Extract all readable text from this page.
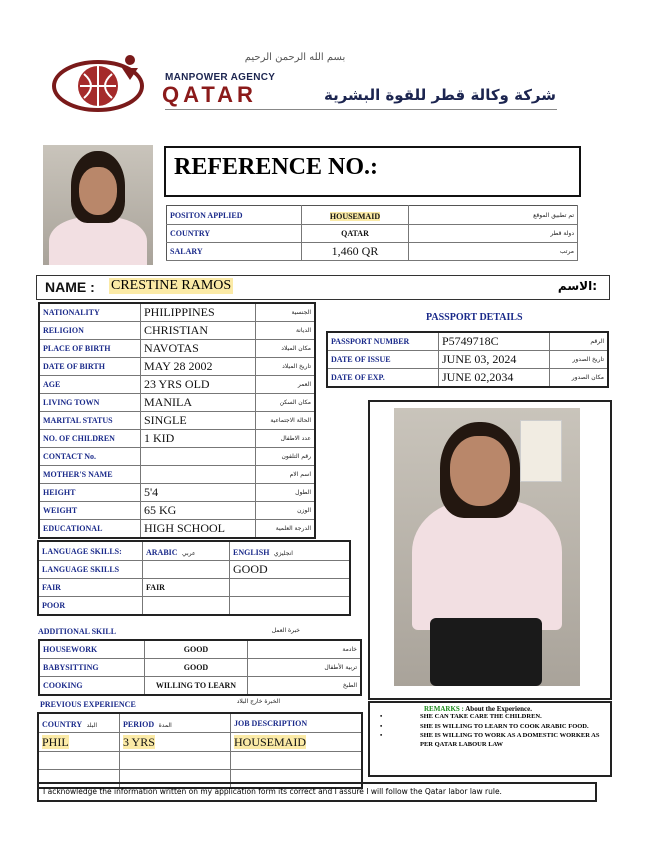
بسم الله الرحمن الرحيم
MANPOWER AGENCY
QATAR	شركة وكالة قطر للقوة البشرية
REFERENCE NO.:
POSITON APPLIED	HOUSEMAID	تم تطبيق الموقع
COUNTRY	QATAR	دولة قطر
SALARY	1,460 QR	مرتب
NAME : CRESTINE RAMOS	الاسم:
NATIONALITY	PHILIPPINES	الجنسية
RELIGION	CHRISTIAN	الديانة
PLACE OF BIRTH	NAVOTAS	مكان الميلاد
DATE OF BIRTH	MAY 28 2002	تاريخ الميلاد
AGE	23 YRS OLD	العمر
LIVING TOWN	MANILA	مكان السكن
MARITAL STATUS	SINGLE	الحالة الاجتماعية
NO. OF CHILDREN	1 KID	عدد الاطفال
CONTACT No.		رقم التلفون
MOTHER'S NAME		اسم الام
HEIGHT	5'4	الطول
WEIGHT	65 KG	الوزن
EDUCATIONAL	HIGH SCHOOL	الدرجة العلمية
PASSPORT DETAILS
PASSPORT NUMBER	P5749718C	الرقم
DATE OF ISSUE	JUNE 03, 2024	تاريخ الصدور
DATE OF EXP.	JUNE 02,2034	مكان الصدور
LANGUAGE SKILLS:	ARABIC عربي	ENGLISH انجليزي
LANGUAGE SKILLS		GOOD
FAIR	FAIR	
POOR		
ADDITIONAL SKILL	خبرة العمل
HOUSEWORK	GOOD	خادمة
BABYSITTING	GOOD	تربية الأطفال
COOKING	WILLING TO LEARN	الطبخ
PREVIOUS EXPERIENCE	الخبرة خارج البلاد
COUNTRY البلد	PERIOD المدة	JOB DESCRIPTION
PHIL	3 YRS	HOUSEMAID

REMARKS : About the Experience.
•	SHE CAN TAKE CARE THE CHILDREN.
•	SHE IS WILLING TO LEARN TO COOK ARABIC FOOD.
•	SHE IS WILLING TO WORK AS A DOMESTIC WORKER AS PER QATAR LABOUR LAW
I acknowledge the information written on my application form its correct and I assure I will follow the Qatar labor law rule.
